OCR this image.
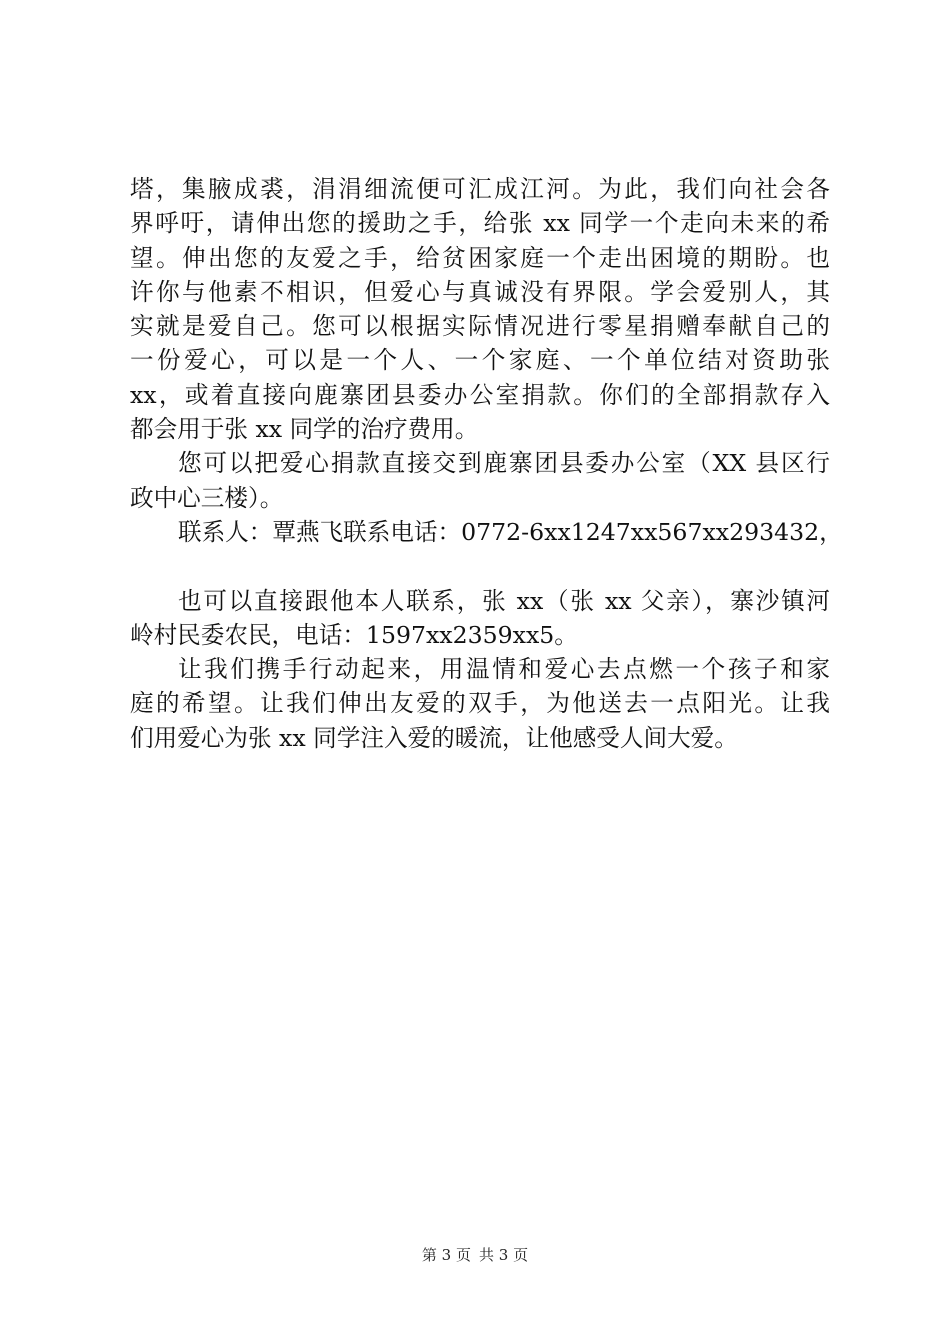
塔，集腋成裘，涓涓细流便可汇成江河。为此，我们向社会各
界呼吁，请伸出您的援助之手，给张 xx 同学一个走向未来的希
望。伸出您的友爱之手，给贫困家庭一个走出困境的期盼。也
许你与他素不相识，但爱心与真诚没有界限。学会爱别人，其
实就是爱自己。您可以根据实际情况进行零星捐赠奉献自己的
一份爱心，可以是一个人、一个家庭、一个单位结对资助张
xx，或着直接向鹿寨团县委办公室捐款。你们的全部捐款存入
都会用于张 xx 同学的治疗费用。
您可以把爱心捐款直接交到鹿寨团县委办公室（XX 县区行
政中心三楼）。
联系人：覃燕飞联系电话：0772-6xx1247xx567xx293432，
也可以直接跟他本人联系，张 xx（张 xx 父亲），寨沙镇河
岭村民委农民，电话：1597xx2359xx5。
让我们携手行动起来，用温情和爱心去点燃一个孩子和家
庭的希望。让我们伸出友爱的双手，为他送去一点阳光。让我
们用爱心为张 xx 同学注入爱的暖流，让他感受人间大爱。
第 3 页 共 3 页
